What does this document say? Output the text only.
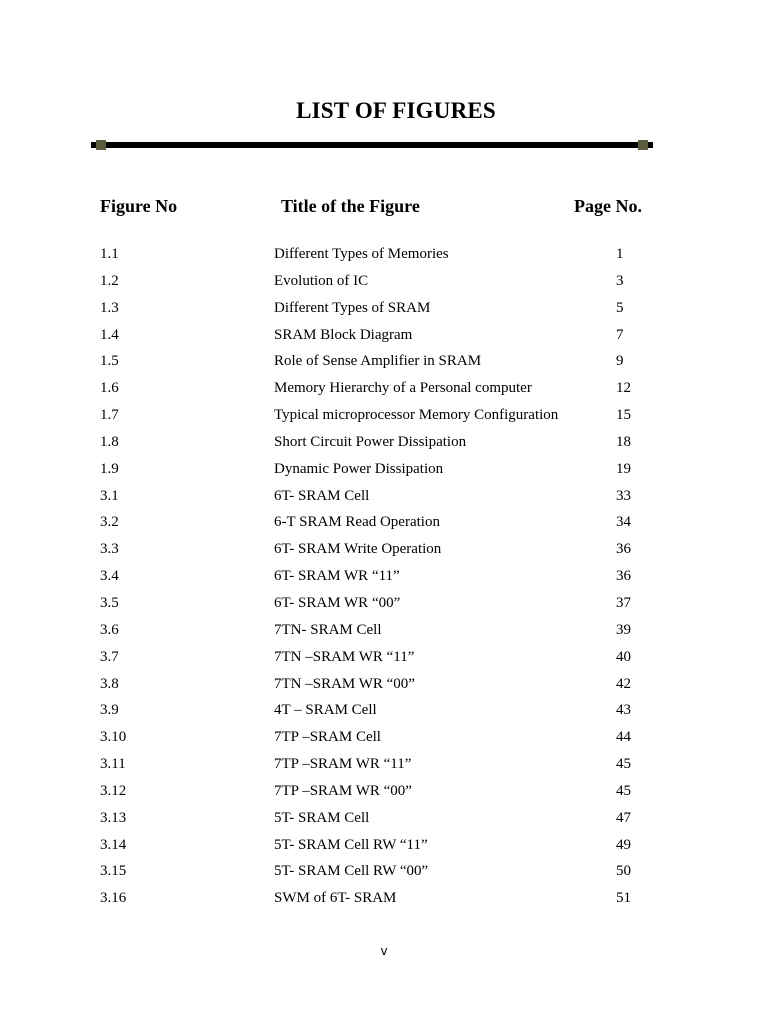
LIST OF FIGURES
Figure No	Title of the Figure	Page No.
1.1	Different Types of Memories	1
1.2	Evolution of IC	3
1.3	Different Types of SRAM	5
1.4	SRAM Block Diagram	7
1.5	Role of Sense Amplifier in SRAM	9
1.6	Memory Hierarchy of a Personal computer	12
1.7	Typical microprocessor Memory Configuration	15
1.8	Short Circuit Power Dissipation	18
1.9	Dynamic Power Dissipation	19
3.1	6T- SRAM Cell	33
3.2	6-T SRAM Read Operation	34
3.3	6T- SRAM Write Operation	36
3.4	6T- SRAM WR “11”	36
3.5	6T- SRAM WR “00”	37
3.6	7TN- SRAM Cell	39
3.7	7TN –SRAM WR “11”	40
3.8	7TN –SRAM WR “00”	42
3.9	4T – SRAM Cell	43
3.10	7TP –SRAM Cell	44
3.11	7TP –SRAM WR “11”	45
3.12	7TP –SRAM WR “00”	45
3.13	5T- SRAM Cell	47
3.14	5T- SRAM Cell RW “11”	49
3.15	5T- SRAM Cell RW “00”	50
3.16	SWM of 6T- SRAM	51
v
